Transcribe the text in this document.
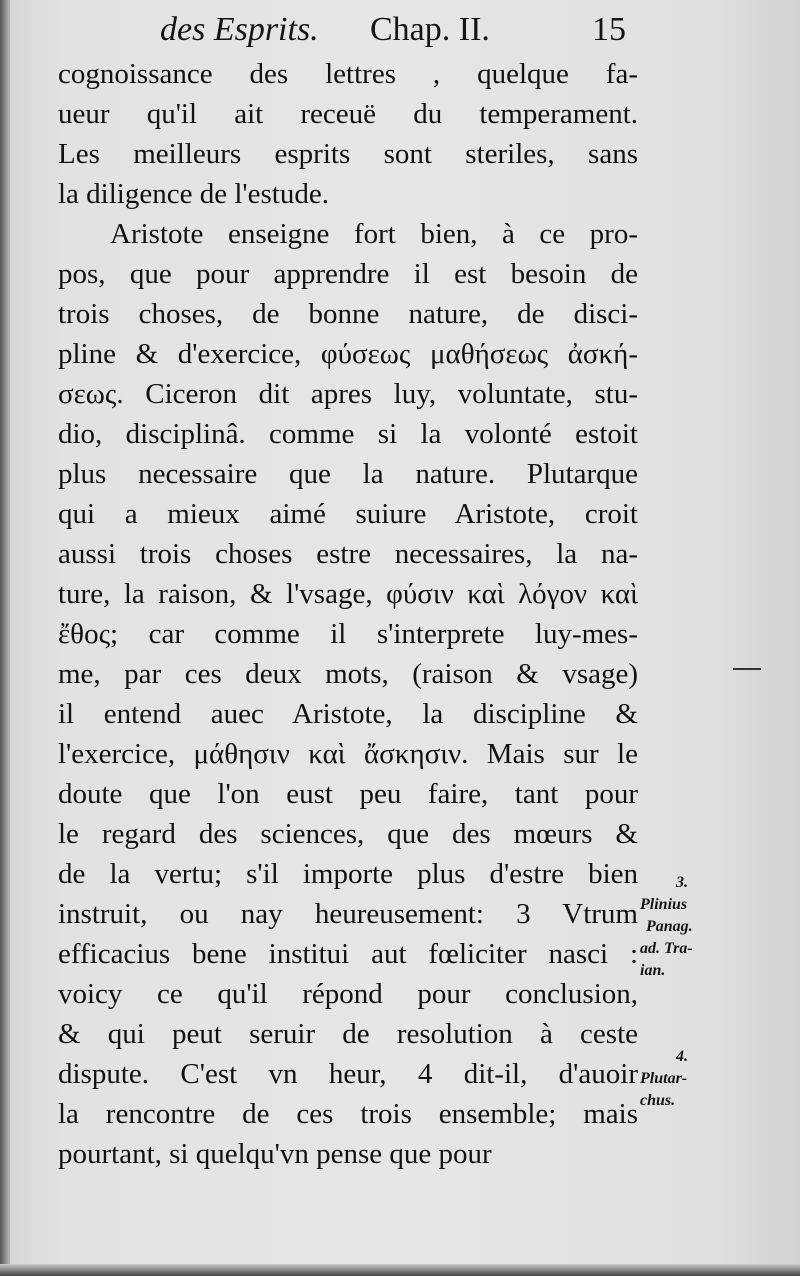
des Esprits. Chap. II.	15
cognoissance des lettres , quelque fa-
ueur qu'il ait receuë du temperament.
Les meilleurs esprits sont steriles, sans
la diligence de l'estude.
Aristote enseigne fort bien, à ce pro-
pos, que pour apprendre il est besoin de
trois choses, de bonne nature, de disci-
pline & d'exercice, φύσεως μαθήσεως ἀσκή-
σεως. Ciceron dit apres luy, voluntate, stu-
dio, disciplinâ. comme si la volonté estoit
plus necessaire que la nature. Plutarque
qui a mieux aimé suiure Aristote, croit
aussi trois choses estre necessaires, la na-
ture, la raison, & l'vsage, φύσιν καὶ λόγον καὶ
ἔθος; car comme il s'interprete luy-mes-
me, par ces deux mots, (raison & vsage)
il entend auec Aristote, la discipline &
l'exercice, μάθησιν καὶ ἄσκησιν. Mais sur le
doute que l'on eust peu faire, tant pour
le regard des sciences, que des mœurs &
de la vertu; s'il importe plus d'estre bien
instruit, ou nay heureusement: 3 Vtrum
efficacius bene institui aut fœliciter nasci :
voicy ce qu'il répond pour conclusion,
& qui peut seruir de resolution à ceste
dispute. C'est vn heur, 4 dit-il, d'auoir
la rencontre de ces trois ensemble; mais
pourtant, si quelqu'vn pense que pour
3.
Plinius
Panag.
ad. Tra-
ian.
4.
Plutar-
chus.
